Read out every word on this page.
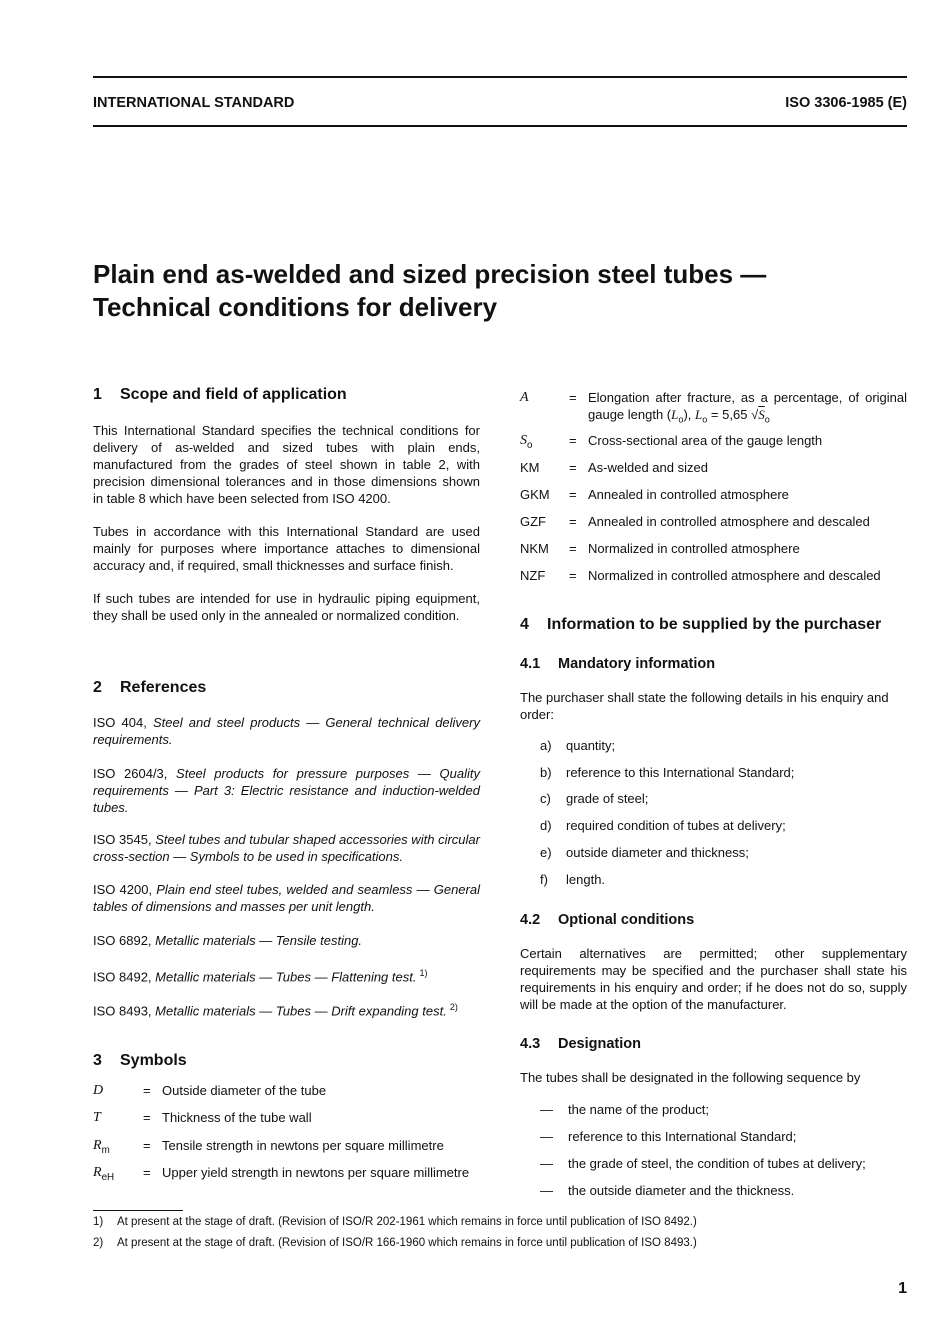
INTERNATIONAL STANDARD	ISO 3306-1985 (E)
Plain end as-welded and sized precision steel tubes —
Technical conditions for delivery
1 Scope and field of application
This International Standard specifies the technical conditions for delivery of as-welded and sized tubes with plain ends, manufactured from the grades of steel shown in table 2, with precision dimensional tolerances and in those dimensions shown in table 8 which have been selected from ISO 4200.
Tubes in accordance with this International Standard are used mainly for purposes where importance attaches to dimensional accuracy and, if required, small thicknesses and surface finish.
If such tubes are intended for use in hydraulic piping equipment, they shall be used only in the annealed or normalized condition.
2 References
ISO 404, Steel and steel products — General technical delivery requirements.
ISO 2604/3, Steel products for pressure purposes — Quality requirements — Part 3: Electric resistance and induction-welded tubes.
ISO 3545, Steel tubes and tubular shaped accessories with circular cross-section — Symbols to be used in specifications.
ISO 4200, Plain end steel tubes, welded and seamless — General tables of dimensions and masses per unit length.
ISO 6892, Metallic materials — Tensile testing.
ISO 8492, Metallic materials — Tubes — Flattening test. $^{1)}$
ISO 8493, Metallic materials — Tubes — Drift expanding test. $^{2)}$
3 Symbols
D	= Outside diameter of the tube
T	= Thickness of the tube wall
$R_m$	= Tensile strength in newtons per square millimetre
$R_{eH}$ = Upper yield strength in newtons per square millimetre
A	= Elongation after fracture, as a percentage, of original gauge length $(L_o)$, $L_o = 5,65$ $√S_o$
$S_o$	= Cross-sectional area of the gauge length
KM = As-welded and sized
GKM = Annealed in controlled atmosphere
GZF = Annealed in controlled atmosphere and descaled
NKM = Normalized in controlled atmosphere
NZF = Normalized in controlled atmosphere and descaled
4 Information to be supplied by the purchaser
4.1 Mandatory information
The purchaser shall state the following details in his enquiry and order:
a) quantity;
b) reference to this International Standard;
c) grade of steel;
d) required condition of tubes at delivery;
e) outside diameter and thickness;
f) length.
4.2 Optional conditions
Certain alternatives are permitted; other supplementary requirements may be specified and the purchaser shall state his requirements in his enquiry and order; if he does not do so, supply will be made at the option of the manufacturer.
4.3 Designation
The tubes shall be designated in the following sequence by
— the name of the product;
— reference to this International Standard;
— the grade of steel, the condition of tubes at delivery;
— the outside diameter and the thickness.
1) At present at the stage of draft. (Revision of ISO/R 202-1961 which remains in force until publication of ISO 8492.)
2) At present at the stage of draft. (Revision of ISO/R 166-1960 which remains in force until publication of ISO 8493.)
1
